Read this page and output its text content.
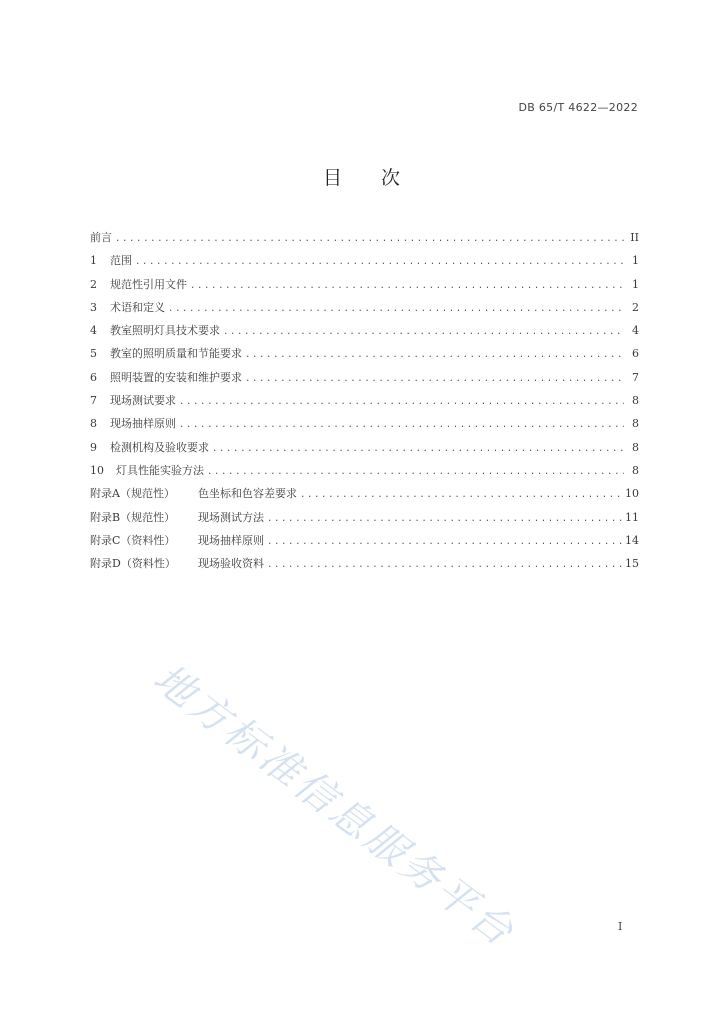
DB 65/T 4622—2022
目 次
前言 .....	II
1	范围 .....	1
2	规范性引用文件 .....	1
3	术语和定义 .....	2
4	教室照明灯具技术要求 .....	4
5	教室的照明质量和节能要求 .....	6
6	照明装置的安装和维护要求 .....	7
7	现场测试要求 .....	8
8	现场抽样原则 .....	8
9	检测机构及验收要求 .....	8
10	灯具性能实验方法 .....	8
附录A（规范性）	色坐标和色容差要求 .....	10
附录B（规范性）	现场测试方法 .....	11
附录C（资料性）	现场抽样原则 .....	14
附录D（资料性）	现场验收资料 .....	15
地方标准信息服务平台	I
